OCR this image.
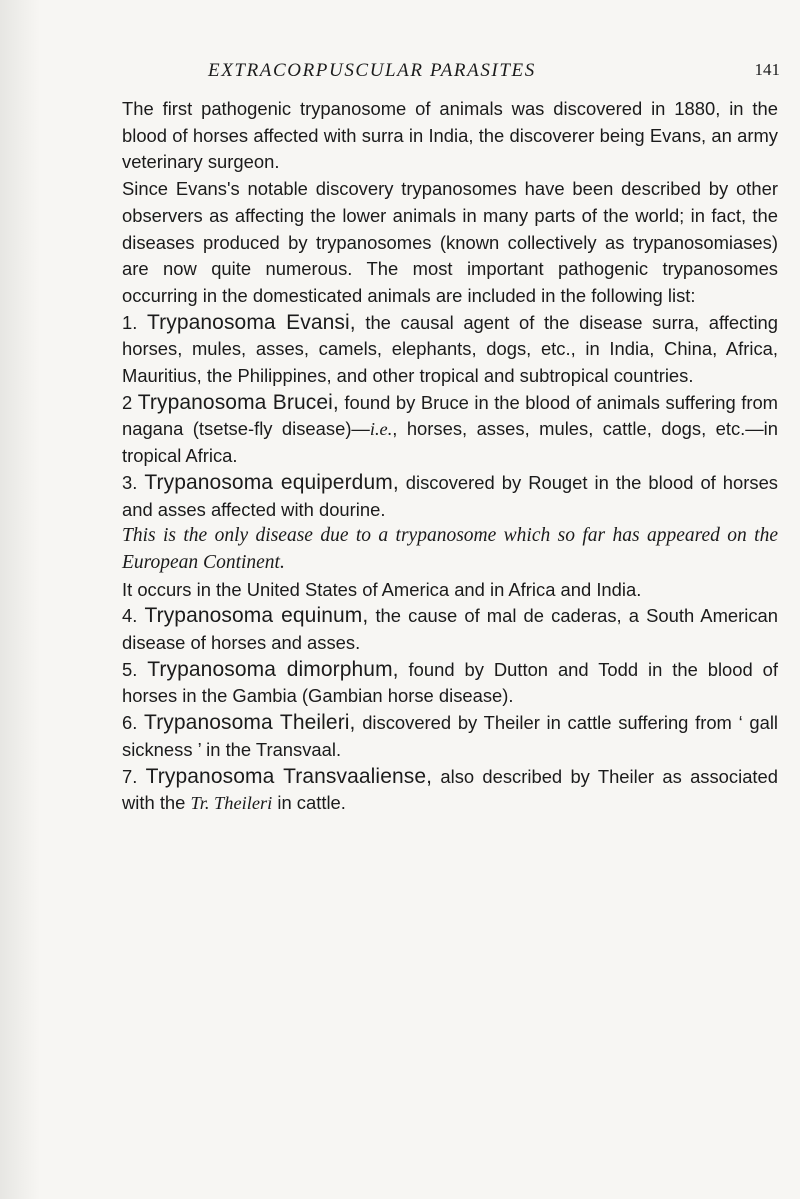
EXTRACORPUSCULAR PARASITES	141

The first pathogenic trypanosome of animals was discovered in 1880, in the blood of horses affected with surra in India, the discoverer being Evans, an army veterinary surgeon.

Since Evans's notable discovery trypanosomes have been described by other observers as affecting the lower animals in many parts of the world; in fact, the diseases produced by trypanosomes (known collectively as trypanosomiases) are now quite numerous. The most important pathogenic trypanosomes occurring in the domesticated animals are included in the following list:

1. Trypanosoma Evansi, the causal agent of the disease surra, affecting horses, mules, asses, camels, elephants, dogs, etc., in India, China, Africa, Mauritius, the Philippines, and other tropical and subtropical countries.

2 Trypanosoma Brucei, found by Bruce in the blood of animals suffering from nagana (tsetse-fly disease)—i.e., horses, asses, mules, cattle, dogs, etc.—in tropical Africa.

3. Trypanosoma equiperdum, discovered by Rouget in the blood of horses and asses affected with dourine.

This is the only disease due to a trypanosome which so far has appeared on the European Continent.

It occurs in the United States of America and in Africa and India.

4. Trypanosoma equinum, the cause of mal de caderas, a South American disease of horses and asses.

5. Trypanosoma dimorphum, found by Dutton and Todd in the blood of horses in the Gambia (Gambian horse disease).

6. Trypanosoma Theileri, discovered by Theiler in cattle suffering from ‘ gall sickness ’ in the Transvaal.

7. Trypanosoma Transvaaliense, also described by Theiler as associated with the Tr. Theileri in cattle.
